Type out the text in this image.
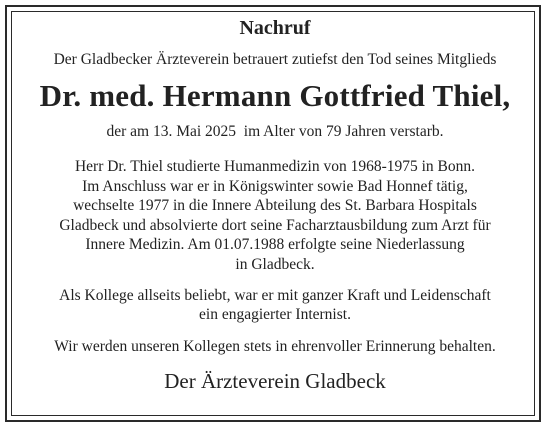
Nachruf
Der Gladbecker Ärzteverein betrauert zutiefst den Tod seines Mitglieds
Dr. med. Hermann Gottfried Thiel,
der am 13. Mai 2025  im Alter von 79 Jahren verstarb.
Herr Dr. Thiel studierte Humanmedizin von 1968-1975 in Bonn.
Im Anschluss war er in Königswinter sowie Bad Honnef tätig,
wechselte 1977 in die Innere Abteilung des St. Barbara Hospitals
Gladbeck und absolvierte dort seine Facharztausbildung zum Arzt für
Innere Medizin. Am 01.07.1988 erfolgte seine Niederlassung
in Gladbeck.
Als Kollege allseits beliebt, war er mit ganzer Kraft und Leidenschaft
ein engagierter Internist.
Wir werden unseren Kollegen stets in ehrenvoller Erinnerung behalten.
Der Ärzteverein Gladbeck
